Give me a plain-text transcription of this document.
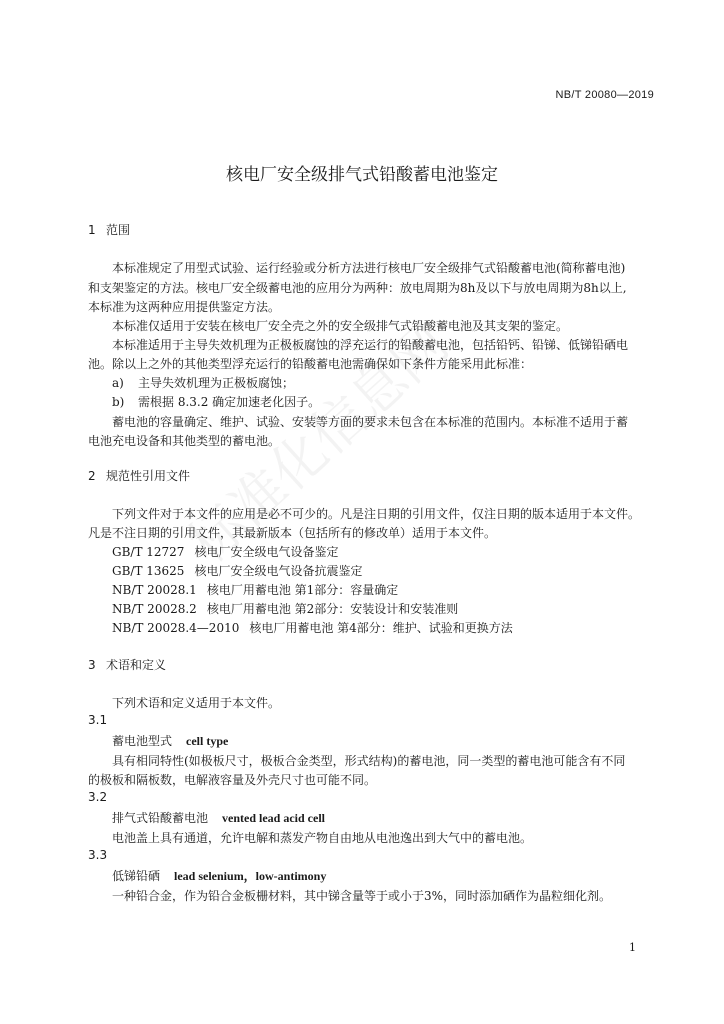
NB/T 20080—2019
核电厂安全级排气式铅酸蓄电池鉴定
1 范围
本标准规定了用型式试验、运行经验或分析方法进行核电厂安全级排气式铅酸蓄电池(简称蓄电池)
和支架鉴定的方法。核电厂安全级蓄电池的应用分为两种：放电周期为8h及以下与放电周期为8h以上,
本标准为这两种应用提供鉴定方法。
本标准仅适用于安装在核电厂安全壳之外的安全级排气式铅酸蓄电池及其支架的鉴定。
本标准适用于主导失效机理为正极板腐蚀的浮充运行的铅酸蓄电池，包括铅钙、铅锑、低锑铅硒电
池。除以上之外的其他类型浮充运行的铅酸蓄电池需确保如下条件方能采用此标准：
a) 主导失效机理为正极板腐蚀；
b) 需根据 8.3.2 确定加速老化因子。
蓄电池的容量确定、维护、试验、安装等方面的要求未包含在本标准的范围内。本标准不适用于蓄
电池充电设备和其他类型的蓄电池。
2 规范性引用文件
下列文件对于本文件的应用是必不可少的。凡是注日期的引用文件，仅注日期的版本适用于本文件。
凡是不注日期的引用文件，其最新版本（包括所有的修改单）适用于本文件。
GB/T 12727 核电厂安全级电气设备鉴定
GB/T 13625 核电厂安全级电气设备抗震鉴定
NB/T 20028.1 核电厂用蓄电池 第1部分：容量确定
NB/T 20028.2 核电厂用蓄电池 第2部分：安装设计和安装准则
NB/T 20028.4—2010 核电厂用蓄电池 第4部分：维护、试验和更换方法
3 术语和定义
下列术语和定义适用于本文件。
3.1
蓄电池型式 cell type
具有相同特性(如极板尺寸，极板合金类型，形式结构)的蓄电池，同一类型的蓄电池可能含有不同
的极板和隔板数，电解液容量及外壳尺寸也可能不同。
3.2
排气式铅酸蓄电池 vented lead acid cell
电池盖上具有通道，允许电解和蒸发产物自由地从电池逸出到大气中的蓄电池。
3.3
低锑铅硒 lead selenium，low-antimony
一种铅合金，作为铅合金板栅材料，其中锑含量等于或小于3%，同时添加硒作为晶粒细化剂。
1
